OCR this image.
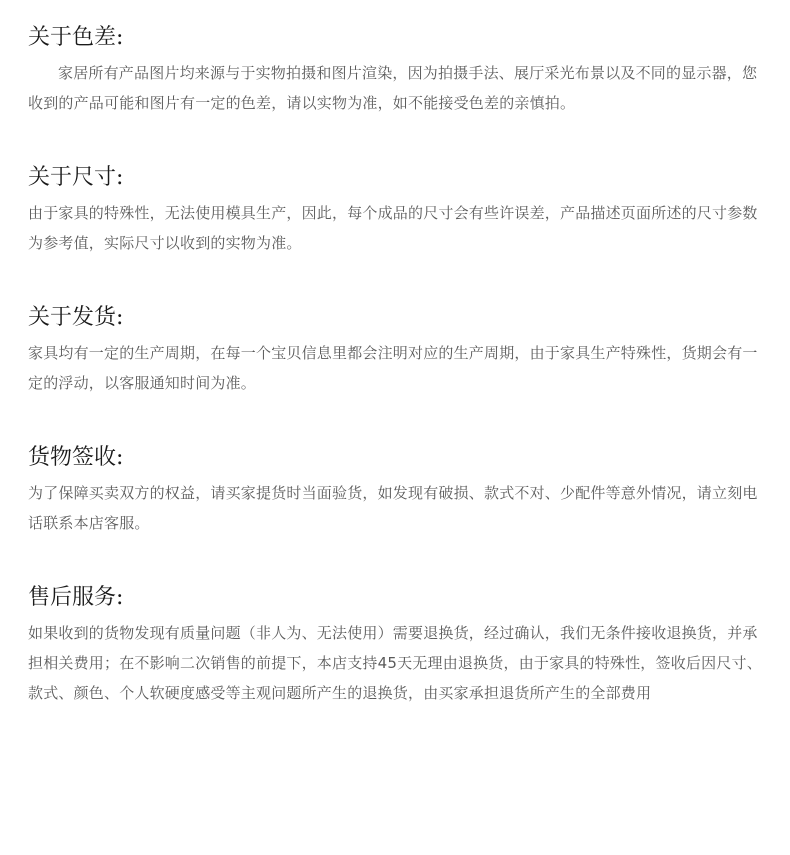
关于色差:

家居所有产品图片均来源与于实物拍摄和图片渲染，因为拍摄手法、展厅采光布景以及不同的显示器，您收到的产品可能和图片有一定的色差，请以实物为准，如不能接受色差的亲慎拍。

关于尺寸:

由于家具的特殊性，无法使用模具生产，因此，每个成品的尺寸会有些许误差，产品描述页面所述的尺寸参数为参考值，实际尺寸以收到的实物为准。

关于发货:

家具均有一定的生产周期，在每一个宝贝信息里都会注明对应的生产周期，由于家具生产特殊性，货期会有一定的浮动，以客服通知时间为准。

货物签收:

为了保障买卖双方的权益，请买家提货时当面验货，如发现有破损、款式不对、少配件等意外情况，请立刻电话联系本店客服。

售后服务:

如果收到的货物发现有质量问题（非人为、无法使用）需要退换货，经过确认，我们无条件接收退换货，并承担相关费用；在不影响二次销售的前提下，本店支持45天无理由退换货，由于家具的特殊性，签收后因尺寸、款式、颜色、个人软硬度感受等主观问题所产生的退换货，由买家承担退货所产生的全部费用
